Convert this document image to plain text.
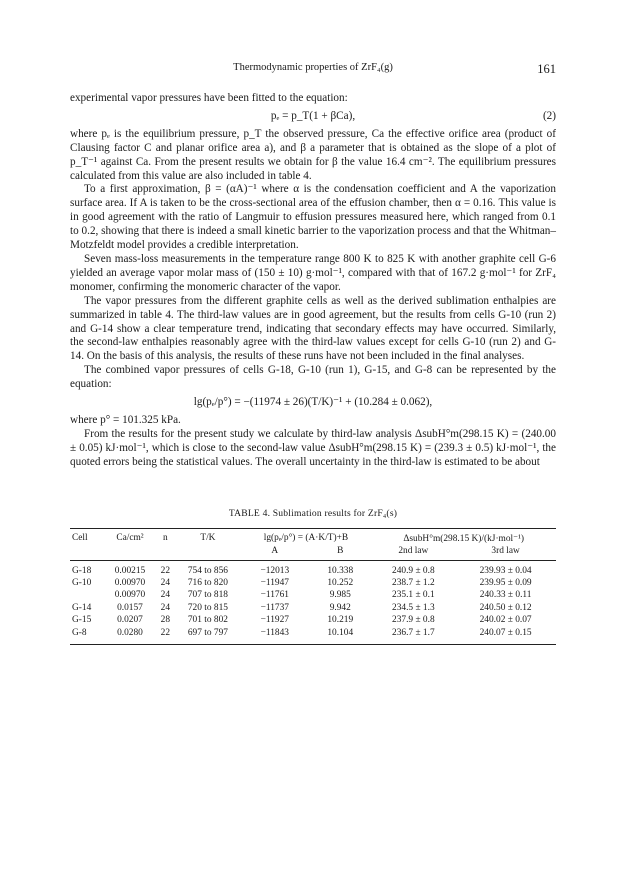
Thermodynamic properties of ZrF₄(g)	161

experimental vapor pressures have been fitted to the equation:

pₑ = p_T(1 + βCa),	(2)

where pₑ is the equilibrium pressure, p_T the observed pressure, Ca the effective orifice area (product of Clausing factor C and planar orifice area a), and β a parameter that is obtained as the slope of a plot of p_T⁻¹ against Ca. From the present results we obtain for β the value 16.4 cm⁻². The equilibrium pressures calculated from this value are also included in table 4.

To a first approximation, β = (αA)⁻¹ where α is the condensation coefficient and A the vaporization surface area. If A is taken to be the cross-sectional area of the effusion chamber, then α = 0.16. This value is in good agreement with the ratio of Langmuir to effusion pressures measured here, which ranged from 0.1 to 0.2, showing that there is indeed a small kinetic barrier to the vaporization process and that the Whitman–Motzfeldt model provides a credible interpretation.

Seven mass-loss measurements in the temperature range 800 K to 825 K with another graphite cell G-6 yielded an average vapor molar mass of (150 ± 10) g·mol⁻¹, compared with that of 167.2 g·mol⁻¹ for ZrF₄ monomer, confirming the monomeric character of the vapor.

The vapor pressures from the different graphite cells as well as the derived sublimation enthalpies are summarized in table 4. The third-law values are in good agreement, but the results from cells G-10 (run 2) and G-14 show a clear temperature trend, indicating that secondary effects may have occurred. Similarly, the second-law enthalpies reasonably agree with the third-law values except for cells G-10 (run 2) and G-14. On the basis of this analysis, the results of these runs have not been included in the final analyses.

The combined vapor pressures of cells G-18, G-10 (run 1), G-15, and G-8 can be represented by the equation:

lg(pₑ/p°) = −(11974 ± 26)(T/K)⁻¹ + (10.284 ± 0.062),

where p° = 101.325 kPa.

From the results for the present study we calculate by third-law analysis ΔsubH°m(298.15 K) = (240.00 ± 0.05) kJ·mol⁻¹, which is close to the second-law value ΔsubH°m(298.15 K) = (239.3 ± 0.5) kJ·mol⁻¹, the quoted errors being the statistical values. The overall uncertainty in the third-law is estimated to be about

TABLE 4. Sublimation results for ZrF₄(s)
Cell	Ca/cm²	n	T/K	lg(pₑ/p°) = (A·K/T)+B		ΔsubH°m(298.15 K)/(kJ·mol⁻¹)	
				A	B	2nd law	3rd law
G-18	0.00215	22	754 to 856	−12013	10.338	240.9 ± 0.8	239.93 ± 0.04
G-10	0.00970	24	716 to 820	−11947	10.252	238.7 ± 1.2	239.95 ± 0.09
	0.00970	24	707 to 818	−11761	9.985	235.1 ± 0.1	240.33 ± 0.11
G-14	0.0157	24	720 to 815	−11737	9.942	234.5 ± 1.3	240.50 ± 0.12
G-15	0.0207	28	701 to 802	−11927	10.219	237.9 ± 0.8	240.02 ± 0.07
G-8	0.0280	22	697 to 797	−11843	10.104	236.7 ± 1.7	240.07 ± 0.15
